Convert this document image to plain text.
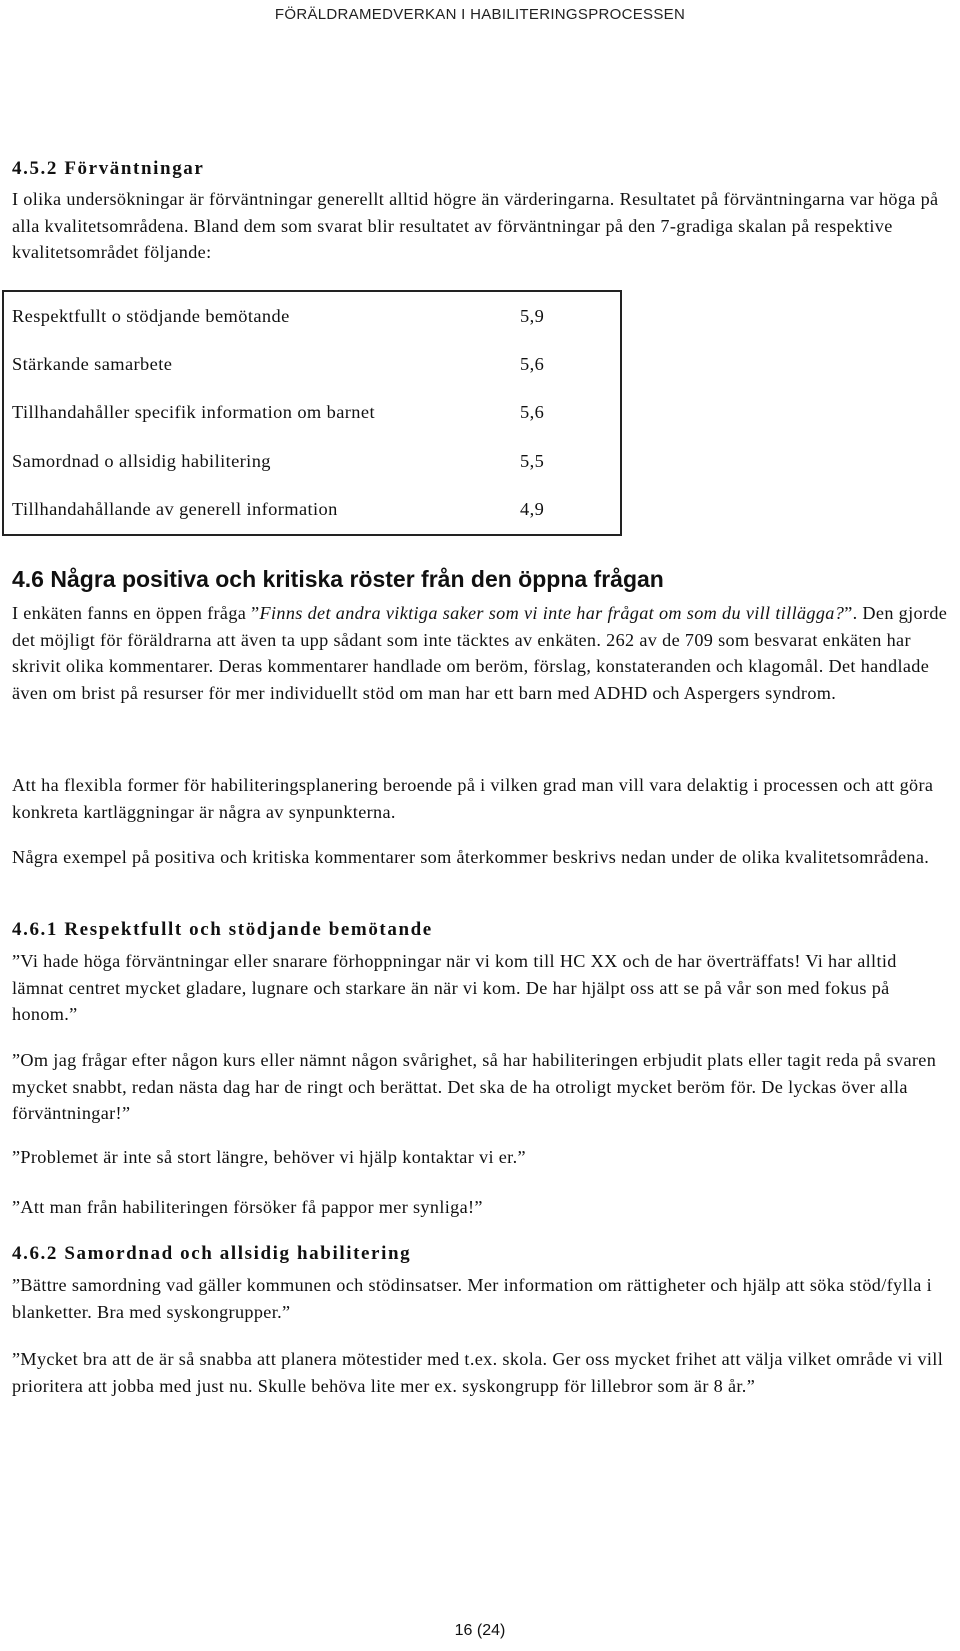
FÖRÄLDRAMEDVERKAN I HABILITERINGSPROCESSEN
4.5.2 Förväntningar

I olika undersökningar är förväntningar generellt alltid högre än värderingarna. Resultatet på förväntningarna var höga på alla kvalitetsområdena. Bland dem som svarat blir resultatet av förväntningar på den 7-gradiga skalan på respektive kvalitetsområdet följande:

Respektfullt o stödjande bemötande	5,9
Stärkande samarbete	5,6
Tillhandahåller specifik information om barnet	5,6
Samordnad o allsidig habilitering	5,5
Tillhandahållande av generell information	4,9
4.6 Några positiva och kritiska röster från den öppna frågan

I enkäten fanns en öppen fråga ”Finns det andra viktiga saker som vi inte har frågat om som du vill tillägga?”. Den gjorde det möjligt för föräldrarna att även ta upp sådant som inte täcktes av enkäten. 262 av de 709 som besvarat enkäten har skrivit olika kommentarer. Deras kommentarer handlade om beröm, förslag, konstateranden och klagomål. Det handlade även om brist på resurser för mer individuellt stöd om man har ett barn med ADHD och Aspergers syndrom.

Att ha flexibla former för habiliteringsplanering beroende på i vilken grad man vill vara delaktig i processen och att göra konkreta kartläggningar är några av synpunkterna.

Några exempel på positiva och kritiska kommentarer som återkommer beskrivs nedan under de olika kvalitetsområdena.

4.6.1 Respektfullt och stödjande bemötande

”Vi hade höga förväntningar eller snarare förhoppningar när vi kom till HC XX och de har överträffats! Vi har alltid lämnat centret mycket gladare, lugnare och starkare än när vi kom. De har hjälpt oss att se på vår son med fokus på honom.”

”Om jag frågar efter någon kurs eller nämnt någon svårighet, så har habiliteringen erbjudit plats eller tagit reda på svaren mycket snabbt, redan nästa dag har de ringt och berättat. Det ska de ha otroligt mycket beröm för. De lyckas över alla förväntningar!”

”Problemet är inte så stort längre, behöver vi hjälp kontaktar vi er.”

”Att man från habiliteringen försöker få pappor mer synliga!”

4.6.2 Samordnad och allsidig habilitering

”Bättre samordning vad gäller kommunen och stödinsatser. Mer information om rättigheter och hjälp att söka stöd/fylla i blanketter. Bra med syskongrupper.”

”Mycket bra att de är så snabba att planera mötestider med t.ex. skola. Ger oss mycket frihet att välja vilket område vi vill prioritera att jobba med just nu. Skulle behöva lite mer ex. syskongrupp för lillebror som är 8 år.”

16 (24)
